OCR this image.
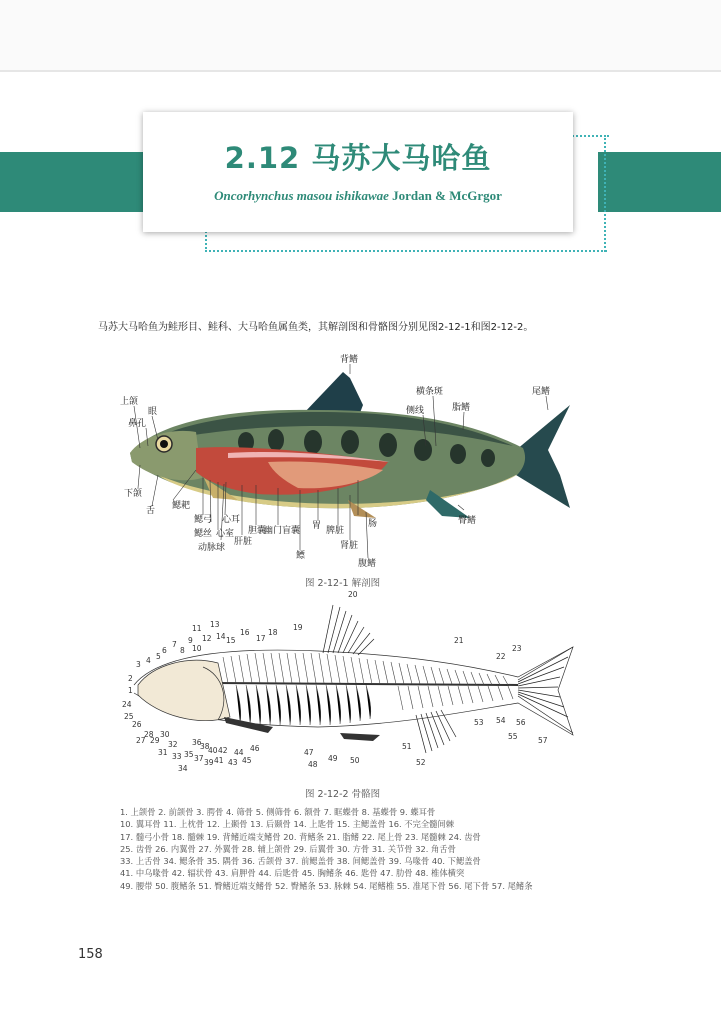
2.12 马苏大马哈鱼
Oncorhynchus masou ishikawae Jordan & McGrgor
马苏大马哈鱼为鲑形目、鲑科、大马哈鱼属鱼类，其解剖图和骨骼图分别见图2-12-1和图2-12-2。
背鳍
上颌
眼
鼻孔
横条斑
侧线	脂鳍
尾鳍
下颌
舌 鳃耙
鳃弓 心耳
鳃丝 心室
动脉球
肝脏
胆囊
幽门盲囊
鳔
胃 脾脏
肠
肾脏
臀鳍
腹鳍
图 2-12-1 解剖图
1
2
3 4 5
6
7
8
9
10
11
12
13
14 15
16
17
18
19
20
21
22
23
24
25
26
27
28
29
30
31
32
33
34
35
36
37
38
39
40
41
42
43
44
45
46	47
48
49 50
51
52
53 54
55
56
57
图 2-12-2 骨骼图
1. 上颌骨 2. 前颌骨 3. 腭骨 4. 筛骨 5. 侧筛骨 6. 额骨 7. 眶蝶骨 8. 基蝶骨 9. 蝶耳骨
10. 翼耳骨 11. 上枕骨 12. 上颞骨 13. 后颞骨 14. 上匙骨 15. 主鳃盖骨 16. 不完全髓间棘
17. 髓弓小骨 18. 髓棘 19. 背鳍近端支鳍骨 20. 背鳍条 21. 脂鳍 22. 尾上骨 23. 尾髓棘 24. 齿骨
25. 齿骨 26. 内翼骨 27. 外翼骨 28. 辅上颌骨 29. 后翼骨 30. 方骨 31. 关节骨 32. 角舌骨
33. 上舌骨 34. 鳃条骨 35. 隅骨 36. 舌颌骨 37. 前鳃盖骨 38. 间鳃盖骨 39. 乌喙骨 40. 下鳃盖骨
41. 中乌喙骨 42. 辐状骨 43. 肩胛骨 44. 后匙骨 45. 胸鳍条 46. 匙骨 47. 肋骨 48. 椎体横突
49. 腰带 50. 腹鳍条 51. 臀鳍近端支鳍骨 52. 臀鳍条 53. 脉棘 54. 尾鳍椎 55. 准尾下骨 56. 尾下骨 57. 尾鳍条
158
